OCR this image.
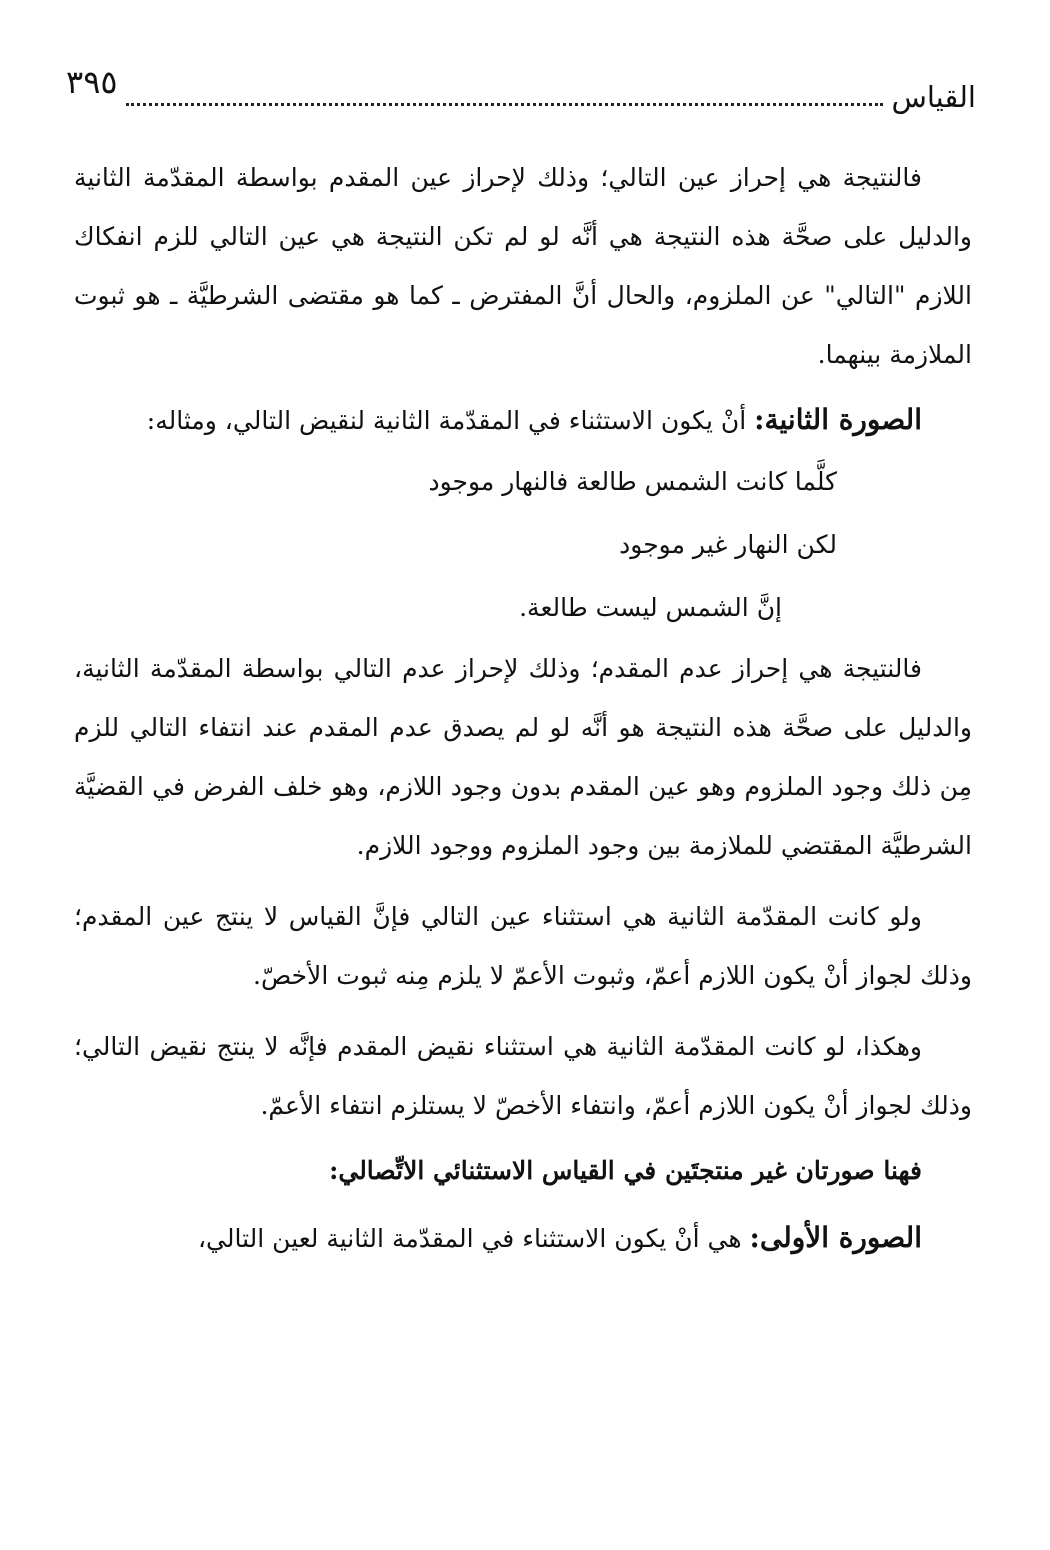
القياس
٣٩٥

فالنتيجة هي إحراز عين التالي؛ وذلك لإحراز عين المقدم بواسطة المقدّمة الثانية والدليل على صحَّة هذه النتيجة هي أنَّه لو لم تكن النتيجة هي عين التالي للزم انفكاك اللازم "التالي" عن الملزوم، والحال أنَّ المفترض ـ كما هو مقتضى الشرطيَّة ـ هو ثبوت الملازمة بينهما.

الصورة الثانية: أنْ يكون الاستثناء في المقدّمة الثانية لنقيض التالي، ومثاله:

كلَّما كانت الشمس طالعة فالنهار موجود
لكن النهار غير موجود
إنَّ الشمس ليست طالعة.

فالنتيجة هي إحراز عدم المقدم؛ وذلك لإحراز عدم التالي بواسطة المقدّمة الثانية، والدليل على صحَّة هذه النتيجة هو أنَّه لو لم يصدق عدم المقدم عند انتفاء التالي للزم مِن ذلك وجود الملزوم وهو عين المقدم بدون وجود اللازم، وهو خلف الفرض في القضيَّة الشرطيَّة المقتضي للملازمة بين وجود الملزوم ووجود اللازم.

ولو كانت المقدّمة الثانية هي استثناء عين التالي فإنَّ القياس لا ينتج عين المقدم؛ وذلك لجواز أنْ يكون اللازم أعمّ، وثبوت الأعمّ لا يلزم مِنه ثبوت الأخصّ.

وهكذا، لو كانت المقدّمة الثانية هي استثناء نقيض المقدم فإنَّه لا ينتج نقيض التالي؛ وذلك لجواز أنْ يكون اللازم أعمّ، وانتفاء الأخصّ لا يستلزم انتفاء الأعمّ.

فهنا صورتان غير منتجتَين في القياس الاستثنائي الاتِّصالي:

الصورة الأولى: هي أنْ يكون الاستثناء في المقدّمة الثانية لعين التالي،
